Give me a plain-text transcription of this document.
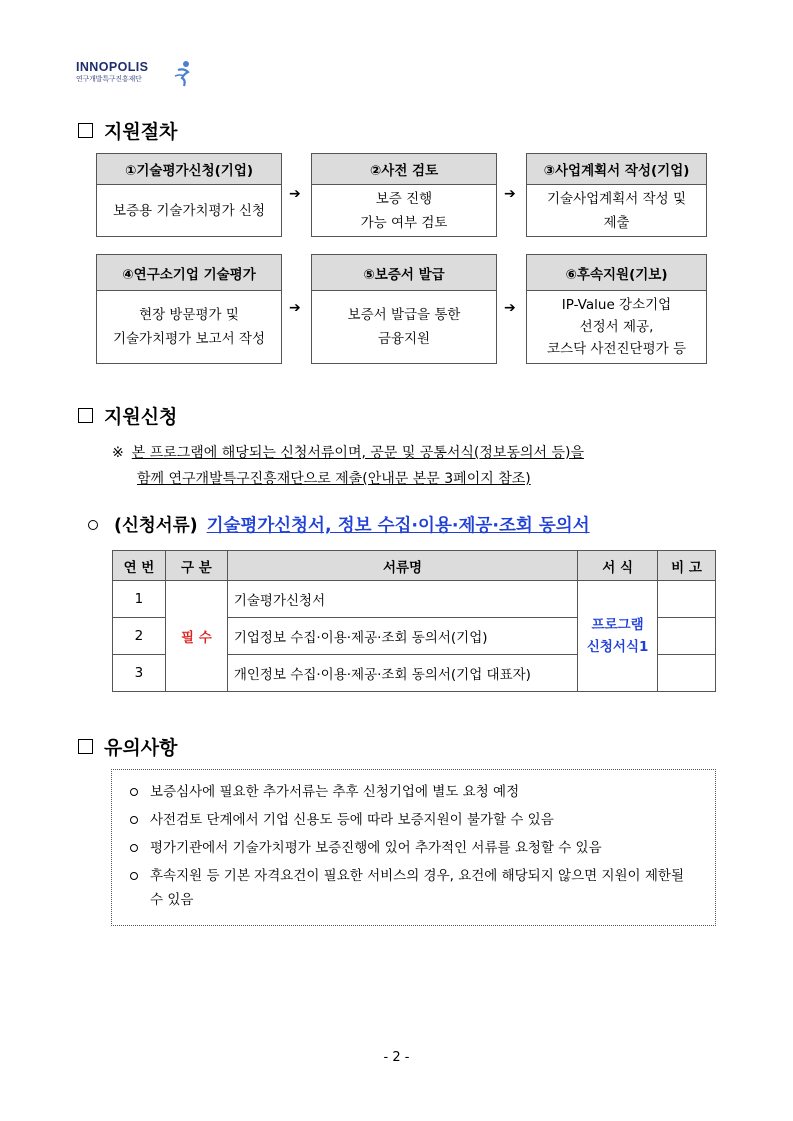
INNOPOLIS
연구개발특구진흥재단
지원절차
①기술평가신청(기업)
보증용 기술가치평가 신청
➔
②사전 검토
보증 진행
가능 여부 검토
➔
③사업계획서 작성(기업)
기술사업계획서 작성 및
제출
④연구소기업 기술평가
현장 방문평가 및
기술가치평가 보고서 작성
➔
⑤보증서 발급
보증서 발급을 통한
금융지원
➔
⑥후속지원(기보)
IP-Value 강소기업
선정서 제공,
코스닥 사전진단평가 등
지원신청
※ 본 프로그램에 해당되는 신청서류이며, 공문 및 공통서식(정보동의서 등)을
함께 연구개발특구진흥재단으로 제출(안내문 본문 3페이지 참조)
(신청서류) 기술평가신청서, 정보 수집·이용·제공·조회 동의서
연 번	구 분	서류명	서 식	비 고
1	필 수	기술평가신청서	프로그램
신청서식1	

2		기업정보 수집·이용·제공·조회 동의서(기업)		
3		개인정보 수집·이용·제공·조회 동의서(기업 대표자)		
유의사항
보증심사에 필요한 추가서류는 추후 신청기업에 별도 요청 예정
사전검토 단계에서 기업 신용도 등에 따라 보증지원이 불가할 수 있음
평가기관에서 기술가치평가 보증진행에 있어 추가적인 서류를 요청할 수 있음
후속지원 등 기본 자격요건이 필요한 서비스의 경우, 요건에 해당되지 않으면 지원이 제한될 수 있음
- 2 -
